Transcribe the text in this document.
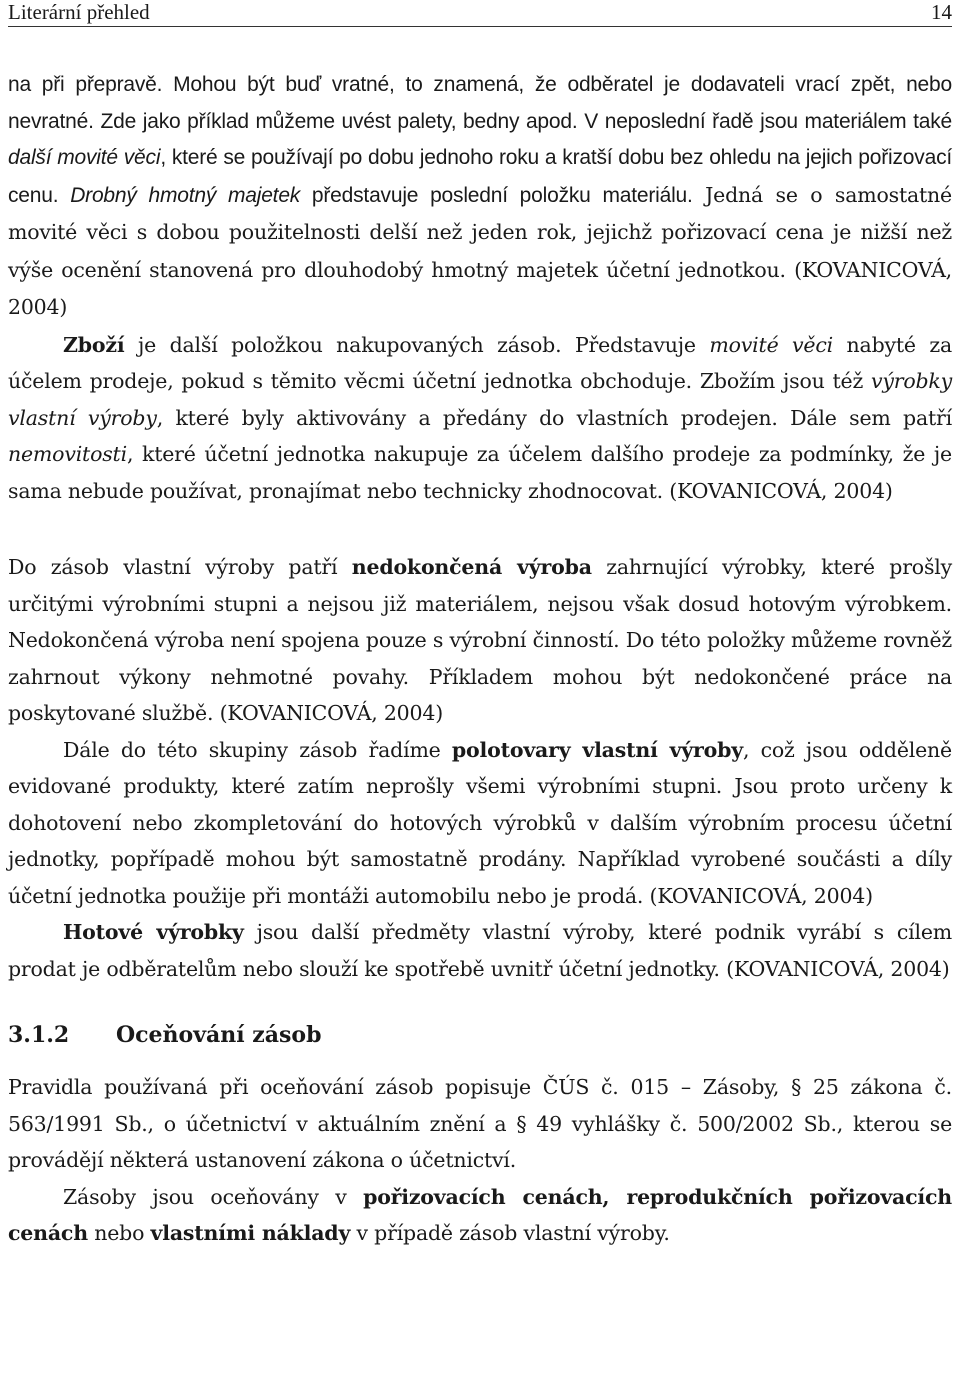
Literární přehled	14

na při přepravě. Mohou být buď vratné, to znamená, že odběratel je dodavateli vrací zpět, nebo nevratné. Zde jako příklad můžeme uvést palety, bedny apod. V neposlední řadě jsou materiálem také další movité věci, které se používají po dobu jednoho roku a kratší dobu bez ohledu na jejich pořizovací cenu. Drobný hmotný majetek představuje poslední položku materiálu. Jedná se o samostatné movité věci s dobou použitelnosti delší než jeden rok, jejichž pořizovací cena je nižší než výše ocenění stanovená pro dlouhodobý hmotný majetek účetní jednotkou. (KOVANICOVÁ, 2004)

Zboží je další položkou nakupovaných zásob. Představuje movité věci nabyté za účelem prodeje, pokud s těmito věcmi účetní jednotka obchoduje. Zbožím jsou též výrobky vlastní výroby, které byly aktivovány a předány do vlastních prodejen. Dále sem patří nemovitosti, které účetní jednotka nakupuje za účelem dalšího prodeje za podmínky, že je sama nebude používat, pronajímat nebo technicky zhodnocovat. (KOVANICOVÁ, 2004)

Do zásob vlastní výroby patří nedokončená výroba zahrnující výrobky, které prošly určitými výrobními stupni a nejsou již materiálem, nejsou však dosud hotovým výrobkem. Nedokončená výroba není spojena pouze s výrobní činností. Do této položky můžeme rovněž zahrnout výkony nehmotné povahy. Příkladem mohou být nedokončené práce na poskytované službě. (KOVANICOVÁ, 2004)

Dále do této skupiny zásob řadíme polotovary vlastní výroby, což jsou odděleně evidované produkty, které zatím neprošly všemi výrobními stupni. Jsou proto určeny k dohotovení nebo zkompletování do hotových výrobků v dalším výrobním procesu účetní jednotky, popřípadě mohou být samostatně prodány. Například vyrobené součásti a díly účetní jednotka použije při montáži automobilu nebo je prodá. (KOVANICOVÁ, 2004)

Hotové výrobky jsou další předměty vlastní výroby, které podnik vyrábí s cílem prodat je odběratelům nebo slouží ke spotřebě uvnitř účetní jednotky. (KOVANICOVÁ, 2004)

3.1.2 Oceňování zásob

Pravidla používaná při oceňování zásob popisuje ČÚS č. 015 – Zásoby, § 25 zákona č. 563/1991 Sb., o účetnictví v aktuálním znění a § 49 vyhlášky č. 500/2002 Sb., kterou se provádějí některá ustanovení zákona o účetnictví.

Zásoby jsou oceňovány v pořizovacích cenách, reprodukčních pořizovacích cenách nebo vlastními náklady v případě zásob vlastní výroby.
